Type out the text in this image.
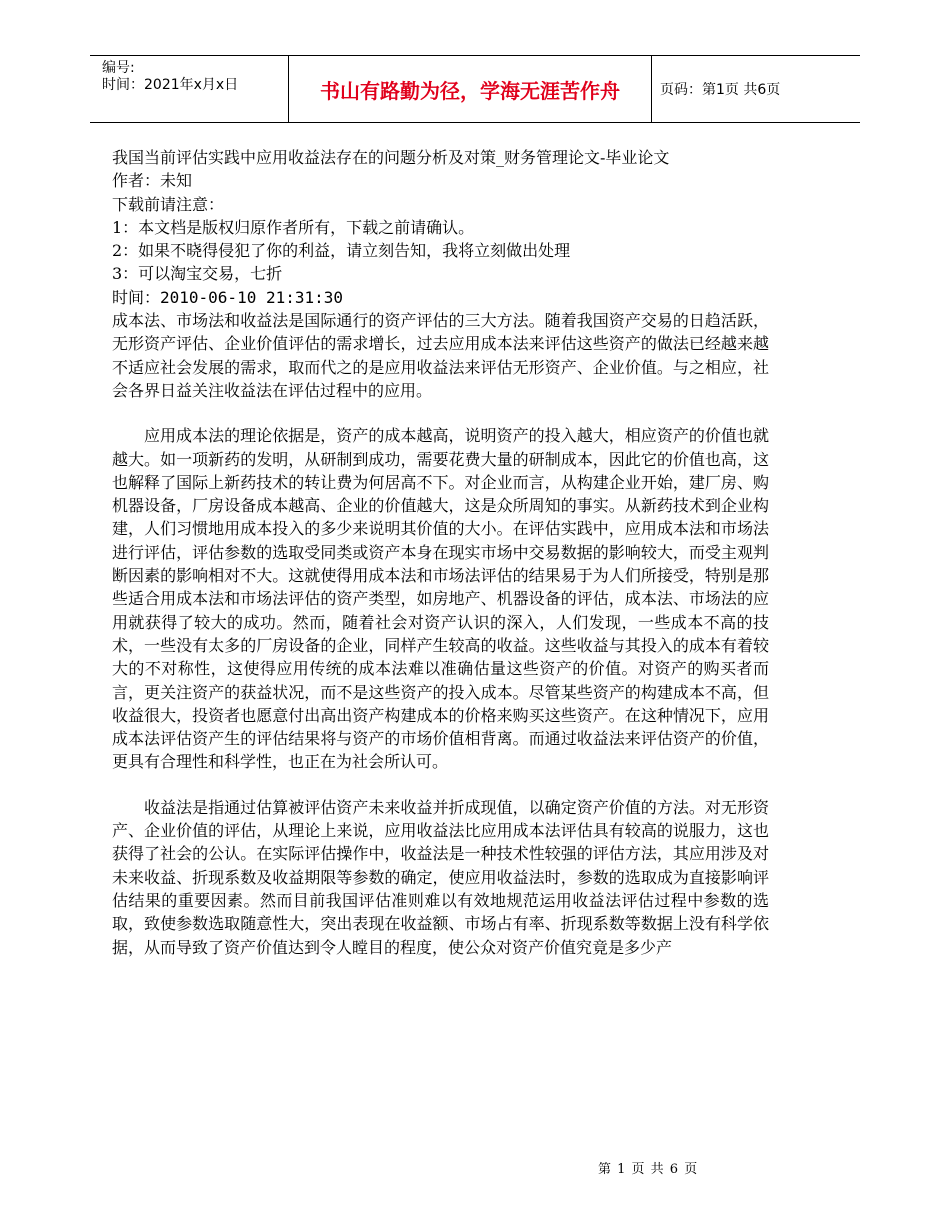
编号:
时间：2021年x月x日	书山有路勤为径，学海无涯苦作舟	页码：第1页 共6页

我国当前评估实践中应用收益法存在的问题分析及对策_财务管理论文-毕业论文

作者：未知

下载前请注意：

1：本文档是版权归原作者所有，下载之前请确认。

2：如果不晓得侵犯了你的利益，请立刻告知，我将立刻做出处理

3：可以淘宝交易，七折

时间：2010-06-10 21:31:30

成本法、市场法和收益法是国际通行的资产评估的三大方法。随着我国资产交易的日趋活跃，无形资产评估、企业价值评估的需求增长，过去应用成本法来评估这些资产的做法已经越来越不适应社会发展的需求，取而代之的是应用收益法来评估无形资产、企业价值。与之相应，社会各界日益关注收益法在评估过程中的应用。

应用成本法的理论依据是，资产的成本越高，说明资产的投入越大，相应资产的价值也就越大。如一项新药的发明，从研制到成功，需要花费大量的研制成本，因此它的价值也高，这也解释了国际上新药技术的转让费为何居高不下。对企业而言，从构建企业开始，建厂房、购机器设备，厂房设备成本越高、企业的价值越大，这是众所周知的事实。从新药技术到企业构建，人们习惯地用成本投入的多少来说明其价值的大小。在评估实践中，应用成本法和市场法进行评估，评估参数的选取受同类或资产本身在现实市场中交易数据的影响较大，而受主观判断因素的影响相对不大。这就使得用成本法和市场法评估的结果易于为人们所接受，特别是那些适合用成本法和市场法评估的资产类型，如房地产、机器设备的评估，成本法、市场法的应用就获得了较大的成功。然而，随着社会对资产认识的深入，人们发现，一些成本不高的技术，一些没有太多的厂房设备的企业，同样产生较高的收益。这些收益与其投入的成本有着较大的不对称性，这使得应用传统的成本法难以准确估量这些资产的价值。对资产的购买者而言，更关注资产的获益状况，而不是这些资产的投入成本。尽管某些资产的构建成本不高，但收益很大，投资者也愿意付出高出资产构建成本的价格来购买这些资产。在这种情况下，应用成本法评估资产生的评估结果将与资产的市场价值相背离。而通过收益法来评估资产的价值，更具有合理性和科学性，也正在为社会所认可。

收益法是指通过估算被评估资产未来收益并折成现值，以确定资产价值的方法。对无形资产、企业价值的评估，从理论上来说，应用收益法比应用成本法评估具有较高的说服力，这也获得了社会的公认。在实际评估操作中，收益法是一种技术性较强的评估方法，其应用涉及对未来收益、折现系数及收益期限等参数的确定，使应用收益法时，参数的选取成为直接影响评估结果的重要因素。然而目前我国评估准则难以有效地规范运用收益法评估过程中参数的选取，致使参数选取随意性大，突出表现在收益额、市场占有率、折现系数等数据上没有科学依据，从而导致了资产价值达到令人瞠目的程度，使公众对资产价值究竟是多少产

第 1 页 共 6 页
